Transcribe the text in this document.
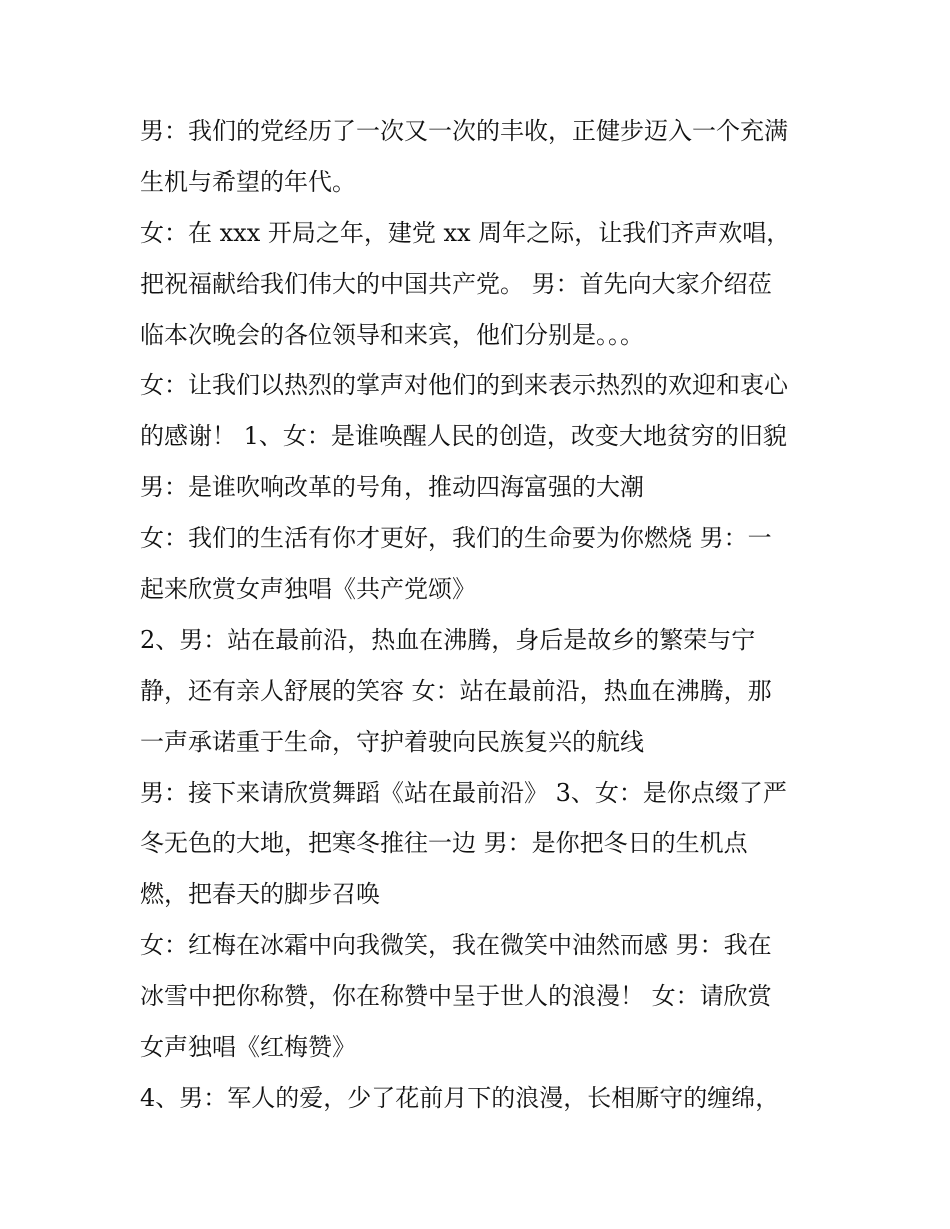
男：我们的党经历了一次又一次的丰收，正健步迈入一个充满
生机与希望的年代。
女：在 xxx 开局之年，建党 xx 周年之际，让我们齐声欢唱，
把祝福献给我们伟大的中国共产党。 男：首先向大家介绍莅
临本次晚会的各位领导和来宾，他们分别是。。。
女：让我们以热烈的掌声对他们的到来表示热烈的欢迎和衷心
的感谢！ 1、女：是谁唤醒人民的创造，改变大地贫穷的旧貌
男：是谁吹响改革的号角，推动四海富强的大潮
女：我们的生活有你才更好，我们的生命要为你燃烧 男：一
起来欣赏女声独唱《共产党颂》
2、男：站在最前沿，热血在沸腾，身后是故乡的繁荣与宁
静，还有亲人舒展的笑容 女：站在最前沿，热血在沸腾，那
一声承诺重于生命，守护着驶向民族复兴的航线
男：接下来请欣赏舞蹈《站在最前沿》 3、女：是你点缀了严
冬无色的大地，把寒冬推往一边 男：是你把冬日的生机点
燃，把春天的脚步召唤
女：红梅在冰霜中向我微笑，我在微笑中油然而感 男：我在
冰雪中把你称赞，你在称赞中呈于世人的浪漫！ 女：请欣赏
女声独唱《红梅赞》
4、男：军人的爱，少了花前月下的浪漫，长相厮守的缠绵，
